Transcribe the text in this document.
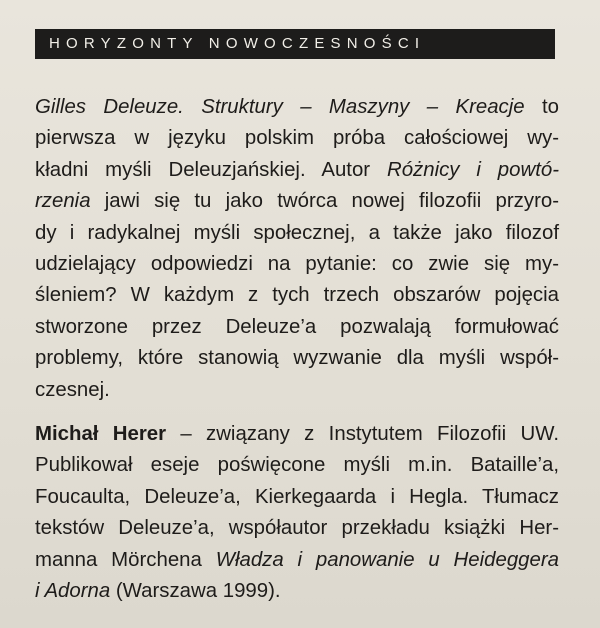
HORYZONTY NOWOCZESNOŚCI
Gilles Deleuze. Struktury – Maszyny – Kreacje to
pierwsza w języku polskim próba całościowej wy-
kładni myśli Deleuzjańskiej. Autor Różnicy i powtó-
rzenia jawi się tu jako twórca nowej filozofii przyro-
dy i radykalnej myśli społecznej, a także jako filozof
udzielający odpowiedzi na pytanie: co zwie się my-
śleniem? W każdym z tych trzech obszarów pojęcia
stworzone przez Deleuze’a pozwalają formułować
problemy, które stanowią wyzwanie dla myśli współ-
czesnej.
Michał Herer – związany z Instytutem Filozofii UW.
Publikował eseje poświęcone myśli m.in. Bataille’a,
Foucaulta, Deleuze’a, Kierkegaarda i Hegla. Tłumacz
tekstów Deleuze’a, współautor przekładu książki Her-
manna Mörchena Władza i panowanie u Heideggera
i Adorna (Warszawa 1999).
